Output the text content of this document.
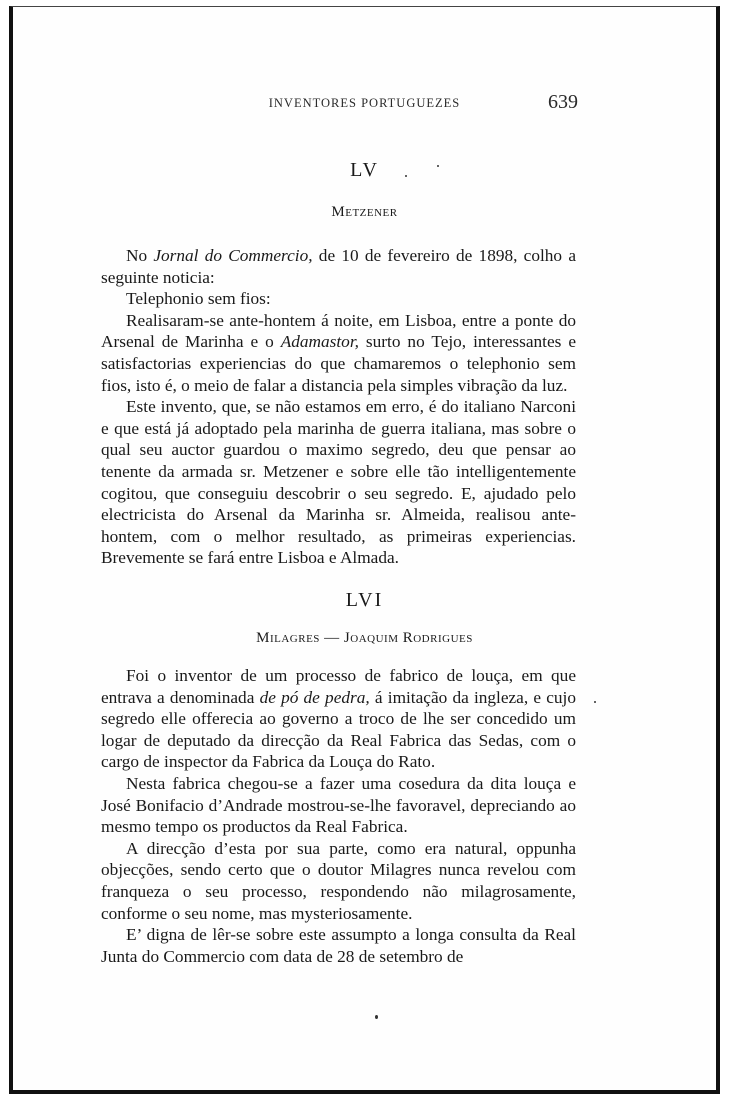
INVENTORES PORTUGUEZES	639
LV
Metzener

No Jornal do Commercio, de 10 de fevereiro de 1898, colho a seguinte noticia:

Telephonio sem fios:

Realisaram-se ante-hontem á noite, em Lisboa, entre a ponte do Arsenal de Marinha e o Adamastor, surto no Tejo, interessantes e satisfactorias experiencias do que chamaremos o telephonio sem fios, isto é, o meio de falar a distancia pela simples vibração da luz.

Este invento, que, se não estamos em erro, é do italiano Narconi e que está já adoptado pela marinha de guerra italiana, mas sobre o qual seu auctor guardou o maximo segredo, deu que pensar ao tenente da armada sr. Metzener e sobre elle tão intelligentemente cogitou, que conseguiu descobrir o seu segredo. E, ajudado pelo electricista do Arsenal da Marinha sr. Almeida, realisou ante-hontem, com o melhor resultado, as primeiras experiencias. Brevemente se fará entre Lisboa e Almada.

LVI
Milagres — Joaquim Rodrigues

Foi o inventor de um processo de fabrico de louça, em que entrava a denominada de pó de pedra, á imitação da ingleza, e cujo segredo elle offerecia ao governo a troco de lhe ser concedido um logar de deputado da direcção da Real Fabrica das Sedas, com o cargo de inspector da Fabrica da Louça do Rato.

Nesta fabrica chegou-se a fazer uma cosedura da dita louça e José Bonifacio d’Andrade mostrou-se-lhe favoravel, depreciando ao mesmo tempo os productos da Real Fabrica.

A direcção d’esta por sua parte, como era natural, oppunha objecções, sendo certo que o doutor Milagres nunca revelou com franqueza o seu processo, respondendo não milagrosamente, conforme o seu nome, mas mysteriosamente.

E’ digna de lêr-se sobre este assumpto a longa consulta da Real Junta do Commercio com data de 28 de setembro de
